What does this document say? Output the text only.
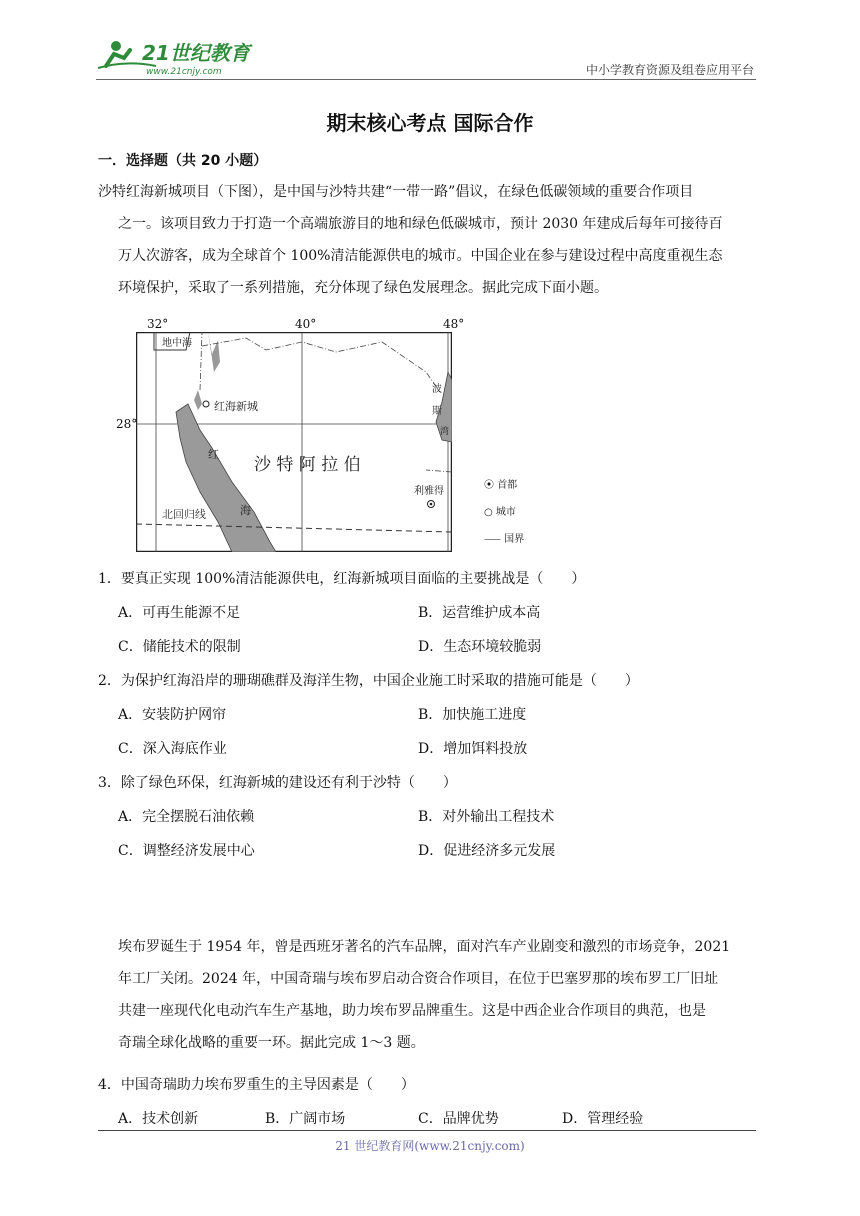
21世纪教育
www.21cnjy.com	中小学教育资源及组卷应用平台
期末核心考点 国际合作
一．选择题（共 20 小题）
沙特红海新城项目（下图），是中国与沙特共建“一带一路”倡议，在绿色低碳领域的重要合作项目
之一。该项目致力于打造一个高端旅游目的地和绿色低碳城市，预计 2030 年建成后每年可接待百
万人次游客，成为全球首个 100%清洁能源供电的城市。中国企业在参与建设过程中高度重视生态
环境保护，采取了一系列措施，充分体现了绿色发展理念。据此完成下面小题。
地中海
红海新城
红
海
沙 特 阿 拉 伯
利雅得
北回归线
波
斯
湾
32°	40°	48°
28°
⦿ 首都
○ 城市
⸺ 国界
1．要真正实现 100%清洁能源供电，红海新城项目面临的主要挑战是（　　）
A．可再生能源不足	B．运营维护成本高
C．储能技术的限制	D．生态环境较脆弱
2．为保护红海沿岸的珊瑚礁群及海洋生物，中国企业施工时采取的措施可能是（　　）
A．安装防护网帘	B．加快施工进度
C．深入海底作业	D．增加饵料投放
3．除了绿色环保，红海新城的建设还有利于沙特（　　）
A．完全摆脱石油依赖	B．对外输出工程技术
C．调整经济发展中心	D．促进经济多元发展
埃布罗诞生于 1954 年，曾是西班牙著名的汽车品牌，面对汽车产业剧变和激烈的市场竞争，2021
年工厂关闭。2024 年，中国奇瑞与埃布罗启动合资合作项目，在位于巴塞罗那的埃布罗工厂旧址
共建一座现代化电动汽车生产基地，助力埃布罗品牌重生。这是中西企业合作项目的典范，也是
奇瑞全球化战略的重要一环。据此完成 1～3 题。
4．中国奇瑞助力埃布罗重生的主导因素是（　　）
A．技术创新	B．广阔市场	C．品牌优势	D．管理经验
21 世纪教育网(www.21cnjy.com)
